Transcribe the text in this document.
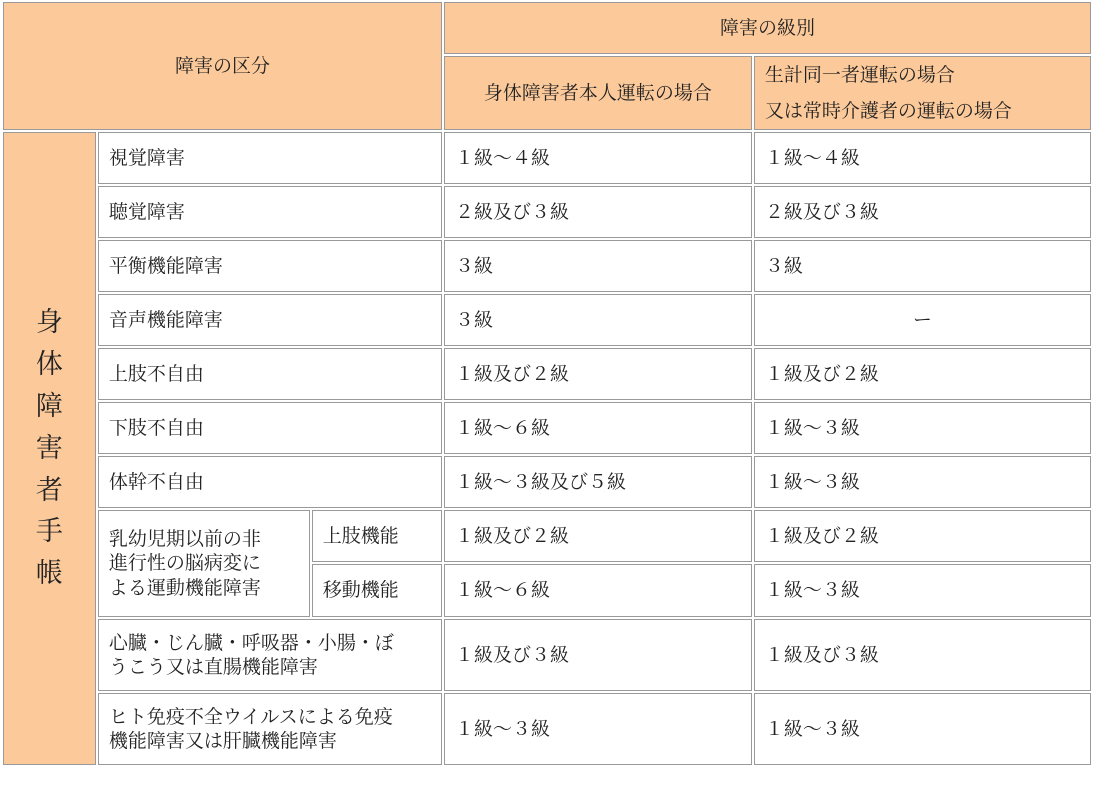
障害の区分			障害の級別	
			身体障害者本人運転の場合	生計同一者運転の場合
又は常時介護者の運転の場合
身体障害者手帳	視覚障害		１級～４級	１級～４級
	聴覚障害		２級及び３級	２級及び３級
	平衡機能障害		３級	３級
	音声機能障害		３級	ー
	上肢不自由		１級及び２級	１級及び２級
	下肢不自由		１級～６級	１級～３級
	体幹不自由		１級～３級及び５級	１級～３級
	乳幼児期以前の非
進行性の脳病変に
よる運動機能障害	上肢機能	１級及び２級	１級及び２級
		移動機能	１級～６級	１級～３級
	心臓・じん臓・呼吸器・小腸・ぼ
うこう又は直腸機能障害		１級及び３級	１級及び３級
	ヒト免疫不全ウイルスによる免疫
機能障害又は肝臓機能障害		１級～３級	１級～３級
